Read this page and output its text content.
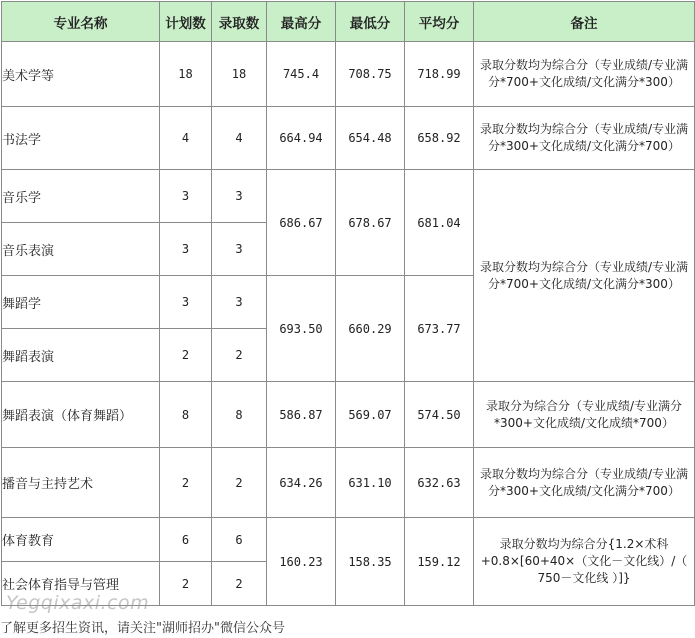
专业名称	计划数	录取数	最高分	最低分	平均分	备注
美术学等	18	18	745.4	708.75	718.99	录取分数均为综合分（专业成绩/专业满分*700+文化成绩/文化满分*300）
书法学	4	4	664.94	654.48	658.92	录取分数均为综合分（专业成绩/专业满分*300+文化成绩/文化满分*700）
音乐学	3	3	686.67	678.67	681.04	录取分数均为综合分（专业成绩/专业满分*700+文化成绩/文化满分*300）
音乐表演	3	3				
舞蹈学	3	3	693.50	660.29	673.77	
舞蹈表演	2	2				
舞蹈表演（体育舞蹈）	8	8	586.87	569.07	574.50	录取分为综合分（专业成绩/专业满分*300+文化成绩/文化成绩*700）
播音与主持艺术	2	2	634.26	631.10	632.63	录取分数均为综合分（专业成绩/专业满分*300+文化成绩/文化满分*700）
体育教育	6	6	160.23	158.35	159.12	录取分数均为综合分{1.2×术科+0.8×[60+40×（文化－文化线）/（ 750－文化线 ）]}
社会体育指导与管理	2	2				
Yegqixaxi.com
了解更多招生资讯，请关注"湖师招办"微信公众号
